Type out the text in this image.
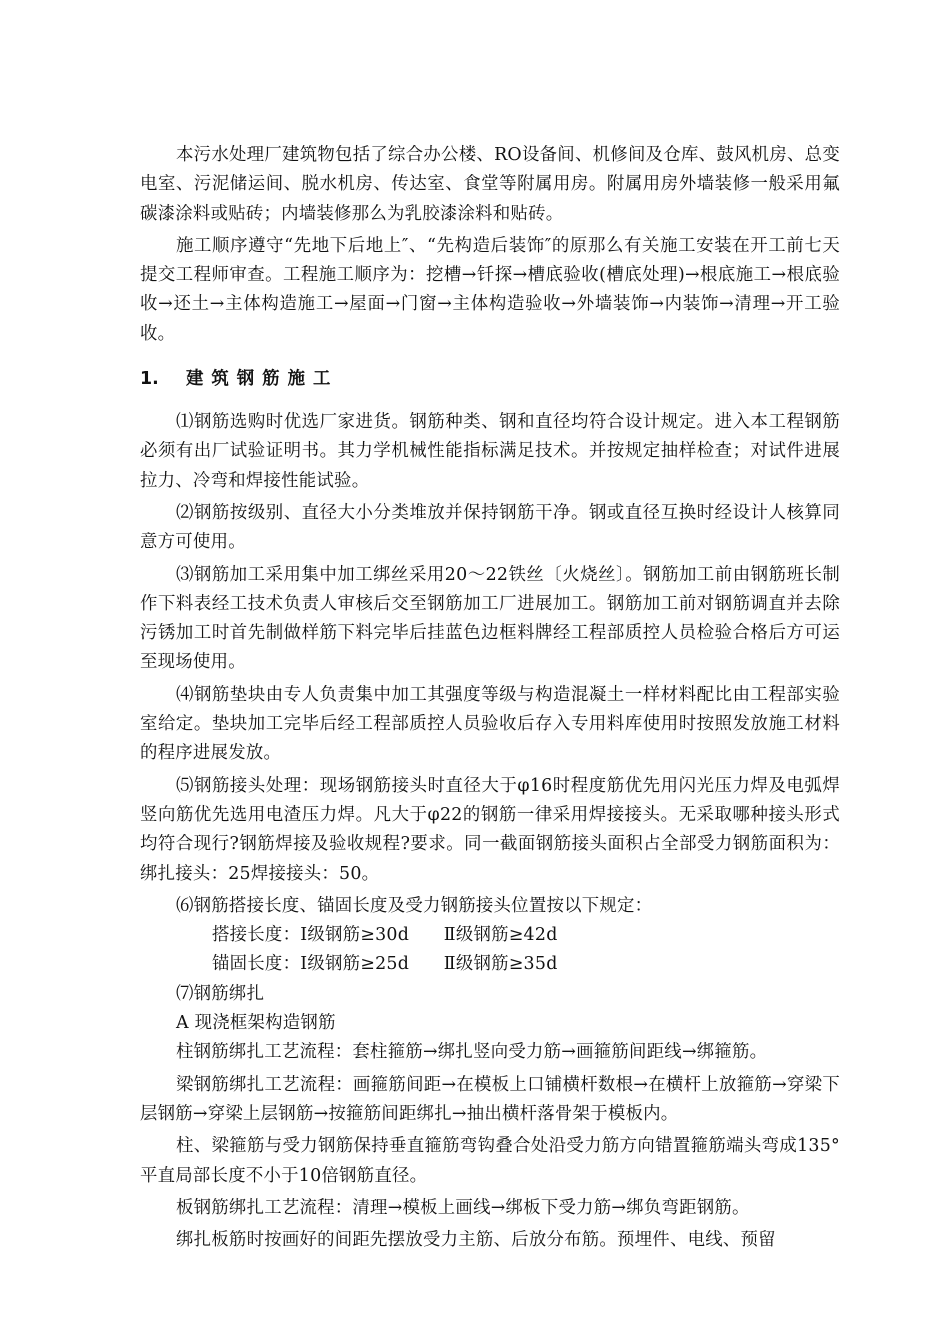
本污水处理厂建筑物包括了综合办公楼、RO设备间、机修间及仓库、鼓风机房、总变电室、污泥储运间、脱水机房、传达室、食堂等附属用房。附属用房外墙装修一般采用氟碳漆涂料或贴砖；内墙装修那么为乳胶漆涂料和贴砖。

施工顺序遵守“先地下后地上″、“先构造后装饰″的原那么有关施工安装在开工前七天提交工程师审查。工程施工顺序为：挖槽→钎探→槽底验收(槽底处理)→根底施工→根底验收→还土→主体构造施工→屋面→门窗→主体构造验收→外墙装饰→内装饰→清理→开工验收。

1. 建筑钢筋施工

⑴钢筋选购时优选厂家进货。钢筋种类、钢和直径均符合设计规定。进入本工程钢筋必须有出厂试验证明书。其力学机械性能指标满足技术。并按规定抽样检查；对试件进展拉力、冷弯和焊接性能试验。

⑵钢筋按级别、直径大小分类堆放并保持钢筋干净。钢或直径互换时经设计人核算同意方可使用。

⑶钢筋加工采用集中加工绑丝采用20～22铁丝〔火烧丝〕。钢筋加工前由钢筋班长制作下料表经工技术负责人审核后交至钢筋加工厂进展加工。钢筋加工前对钢筋调直并去除污锈加工时首先制做样筋下料完毕后挂蓝色边框料牌经工程部质控人员检验合格后方可运至现场使用。

⑷钢筋垫块由专人负责集中加工其强度等级与构造混凝土一样材料配比由工程部实验室给定。垫块加工完毕后经工程部质控人员验收后存入专用料库使用时按照发放施工材料的程序进展发放。

⑸钢筋接头处理：现场钢筋接头时直径大于φ16时程度筋优先用闪光压力焊及电弧焊竖向筋优先选用电渣压力焊。凡大于φ22的钢筋一律采用焊接接头。无采取哪种接头形式均符合现行?钢筋焊接及验收规程?要求。同一截面钢筋接头面积占全部受力钢筋面积为：绑扎接头：25焊接接头：50。

⑹钢筋搭接长度、锚固长度及受力钢筋接头位置按以下规定：

搭接长度：Ⅰ级钢筋≥30d      Ⅱ级钢筋≥42d

锚固长度：Ⅰ级钢筋≥25d      Ⅱ级钢筋≥35d

⑺钢筋绑扎

A 现浇框架构造钢筋

柱钢筋绑扎工艺流程：套柱箍筋→绑扎竖向受力筋→画箍筋间距线→绑箍筋。

梁钢筋绑扎工艺流程：画箍筋间距→在模板上口铺横杆数根→在横杆上放箍筋→穿梁下层钢筋→穿梁上层钢筋→按箍筋间距绑扎→抽出横杆落骨架于模板内。

柱、梁箍筋与受力钢筋保持垂直箍筋弯钩叠合处沿受力筋方向错置箍筋端头弯成135°平直局部长度不小于10倍钢筋直径。

板钢筋绑扎工艺流程：清理→模板上画线→绑板下受力筋→绑负弯距钢筋。

绑扎板筋时按画好的间距先摆放受力主筋、后放分布筋。预埋件、电线、预留
